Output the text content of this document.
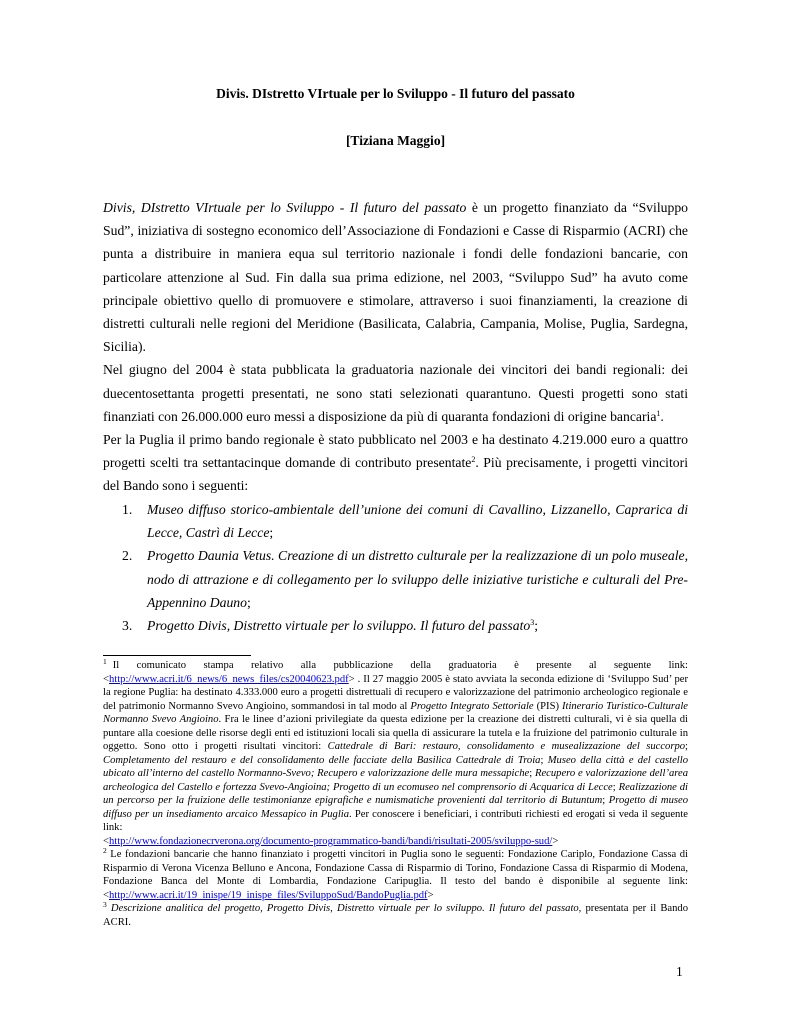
Divis. DIstretto VIrtuale per lo Sviluppo - Il futuro del passato
[Tiziana Maggio]

Divis, DIstretto VIrtuale per lo Sviluppo - Il futuro del passato è un progetto finanziato da “Sviluppo Sud”, iniziativa di sostegno economico dell’Associazione di Fondazioni e Casse di Risparmio (ACRI) che punta a distribuire in maniera equa sul territorio nazionale i fondi delle fondazioni bancarie, con particolare attenzione al Sud. Fin dalla sua prima edizione, nel 2003, “Sviluppo Sud” ha avuto come principale obiettivo quello di promuovere e stimolare, attraverso i suoi finanziamenti, la creazione di distretti culturali nelle regioni del Meridione (Basilicata, Calabria, Campania, Molise, Puglia, Sardegna, Sicilia).

Nel giugno del 2004 è stata pubblicata la graduatoria nazionale dei vincitori dei bandi regionali: dei duecentosettanta progetti presentati, ne sono stati selezionati quarantuno. Questi progetti sono stati finanziati con 26.000.000 euro messi a disposizione da più di quaranta fondazioni di origine bancaria$^1$.

Per la Puglia il primo bando regionale è stato pubblicato nel 2003 e ha destinato 4.219.000 euro a quattro progetti scelti tra settantacinque domande di contributo presentate$^2$. Più precisamente, i progetti vincitori del Bando sono i seguenti:

1. Museo diffuso storico-ambientale dell’unione dei comuni di Cavallino, Lizzanello, Capraric​a di Lecce, Castrì di Lecce;
2. Progetto Daunia Vetus. Creazione di un distretto culturale per la realizzazione di un polo museale, nodo di attrazione e di collegamento per lo sviluppo delle iniziative turistiche e culturali del Pre-Appennino Dauno;
3. Progetto Divis, Distretto virtuale per lo sviluppo. Il futuro del passato$^3$;

$^1$ Il comunicato stampa relativo alla pubblicazione della graduatoria è presente al seguente link: <http://www.acri.it/6_news/6_news_files/cs20040623.pdf> . Il 27 maggio 2005 è stato avviata la seconda edizione di ‘Sviluppo Sud’ per la regione Puglia: ha destinato 4.333.000 euro a progetti distrettuali di recupero e valorizzazione del patrimonio archeologico regionale e del patrimonio Normanno Svevo Angioino, sommandosi in tal modo al Progetto Integrato Settoriale (PIS) Itinerario Turistico-Culturale Normanno Svevo Angioino. Fra le linee d’azioni privilegiate da questa edizione per la creazione dei distretti culturali, vi è sia quella di puntare alla coesione delle risorse degli enti ed istituzioni locali sia quella di assicurare la tutela e la fruizione del patrimonio culturale in oggetto. Sono otto i progetti risultati vincitori: Cattedrale di Bari: restauro, consolidamento e musealizzazione del succorpo; Completamento del restauro e del consolidamento delle facciate della Basilica Cattedrale di Troia; Museo della città e del castello ubicato all’interno del castello Normanno-Svevo; Recupero e valorizzazione delle mura messapiche; Recupero e valorizzazione dell’area archeologica del Castello e fortezza Svevo-Angioina; Progetto di un ecomuseo nel comprensorio di Acquarica di Lecce; Realizzazione di un percorso per la fruizione delle testimonianze epigrafiche e numismatiche provenienti dal territorio di Butuntum; Progetto di museo diffuso per un insediamento arcaico Messapico in Puglia. Per conoscere i beneficiari, i contributi richiesti ed erogati si veda il seguente link:
<http://www.fondazionecrverona.org/documento-programmatico-bandi/bandi/risultati-2005/sviluppo-sud/>

$^2$ Le fondazioni bancarie che hanno finanziato i progetti vincitori in Puglia sono le seguenti: Fondazione Cariplo, Fondazione Cassa di Risparmio di Verona Vicenza Belluno e Ancona, Fondazione Cassa di Risparmio di Torino, Fondazione Cassa di Risparmio di Modena, Fondazione Banca del Monte di Lombardia, Fondazione Caripuglia. Il testo del bando è disponibile al seguente link: <http://www.acri.it/19_inispe/19_inispe_files/SviluppoSud/BandoPuglia.pdf>

$^3$ Descrizione analitica del progetto, Progetto Divis, Distretto virtuale per lo sviluppo. Il futuro del passato, presentata per il Bando ACRI.

1
